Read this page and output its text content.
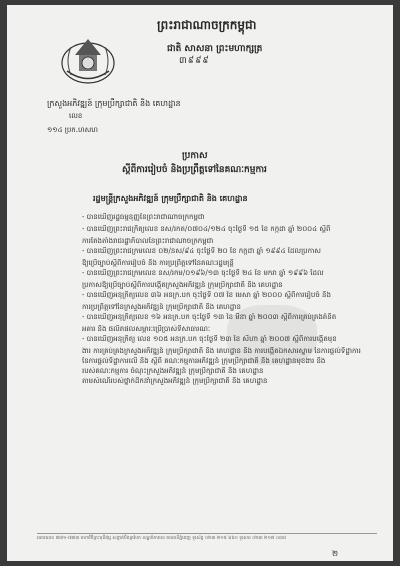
ព្រះរាជាណាចក្រកម្ពុជា
ជាតិ សាសនា ព្រះមហាក្សត្រ
៣៩៩៩
ក្រសួងអភិវឌ្ឍន៍ ក្រុមប្រឹក្សាជាតិ និង គេហដ្ឋាន
លេខ
១១៤ ប្រក.ហសហ
ប្រកាស
ស្តីពីការរៀបចំ និងប្រព្រឹត្តទៅនៃគណៈកម្មការ
រដ្ឋមន្ត្រីក្រសួងអភិវឌ្ឍន៍ ក្រុមប្រឹក្សាជាតិ និង គេហដ្ឋាន
- បានឃើញរដ្ឋធម្មនុញ្ញនៃព្រះរាជាណាចក្រកម្ពុជា
- បានឃើញព្រះរាជក្រឹត្យលេខ នស/រកត/០៧០៤/១២៤ ចុះថ្ងៃទី ១៥ ខែ កក្កដា ឆ្នាំ ២០០៤ ស្តីពី
ការតែងតាំងរាជរដ្ឋាភិបាលនៃព្រះរាជាណាចក្រកម្ពុជា
- បានឃើញព្រះរាជក្រមលេខ ០២/នស/៩៤ ចុះថ្ងៃទី ២០ ខែ កក្កដា ឆ្នាំ ១៩៩៤ ដែលប្រកាស
ឱ្យប្រើច្បាប់ស្តីពីការរៀបចំ និង ការប្រព្រឹត្តទៅនៃគណៈរដ្ឋមន្ត្រី
- បានឃើញព្រះរាជក្រមលេខ នស/រកម/០១៩៦/១៣ ចុះថ្ងៃទី ២៤ ខែ មករា ឆ្នាំ ១៩៩៦ ដែល
ប្រកាសឱ្យប្រើច្បាប់ស្តីពីការបង្កើតក្រសួងអភិវឌ្ឍន៍ ក្រុមប្រឹក្សាជាតិ និង គេហដ្ឋាន
- បានឃើញអនុក្រឹត្យលេខ ៣៦ អនក្រ.បក ចុះថ្ងៃទី ០៧ ខែ មេសា ឆ្នាំ ២០០០ ស្តីពីការរៀបចំ និង
ការប្រព្រឹត្តទៅនៃក្រសួងអភិវឌ្ឍន៍ ក្រុមប្រឹក្សាជាតិ និង គេហដ្ឋាន
- បានឃើញអនុក្រឹត្យលេខ ១៦ អនក្រ.បក ចុះថ្ងៃទី ១៣ ខែ មីនា ឆ្នាំ ២០០៣ ស្តីពីការគ្រប់គ្រងគំនិត
អគារ និង ផលិតផលសម្ភារៈប្រើប្រាស់ទីសាធារណៈ
- បានឃើញអនុក្រឹត្យ លេខ ១០៥ អនក្រ.បក ចុះថ្ងៃទី ២៣ ខែ សីហា ឆ្នាំ ២០០៧ ស្តីពីការបង្កើតមុខ
ងារ ការគ្រប់គ្រងក្រសួងអភិវឌ្ឍន៍ ក្រុមប្រឹក្សាជាតិ និង គេហដ្ឋាន និង ការបង្កើតឯកសារស្នាម នៃការផ្តល់ទិដ្ឋាការ
នៃការផ្តល់ទិដ្ឋាការលើ និង ស្តីពី គណៈកម្មការអភិវឌ្ឍន៍ ក្រុមប្រឹក្សាជាតិ និង គេហដ្ឋានមុខងារ និង
របស់គណៈកម្មការ ចំណុះក្រសួងអភិវឌ្ឍន៍ ក្រុមប្រឹក្សាជាតិ និង គេហដ្ឋាន
តាមសំណើរបស់ថ្នាក់ដឹកនាំក្រសួងអភិវឌ្ឍន៍ ក្រុមប្រឹក្សាជាតិ និង គេហដ្ឋាន
អគារលេខ ៧៧១-៧៧៣ មហាវិថីព្រះមុនីវង្ស សង្កាត់បឹងត្របែក ខណ្ឌចំការមន រាជធានីភ្នំពេញ ទូរស័ព្ទ ០២៣ ២១៥ ៦៦០ ទូរសារ ០២៣ ២១៧ ០៣៥
២
